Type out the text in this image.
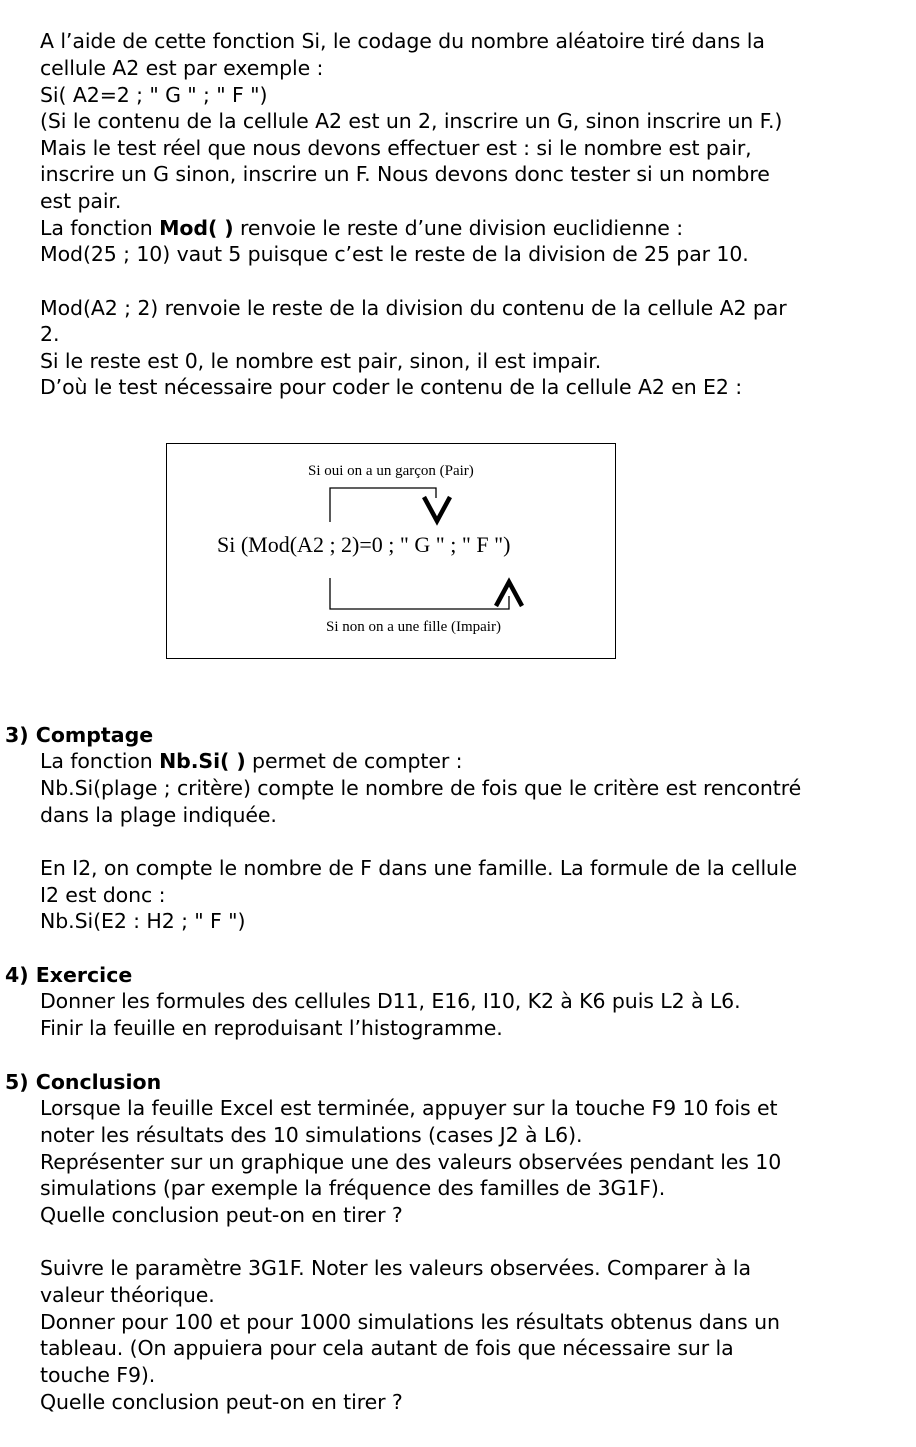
A l’aide de cette fonction Si, le codage du nombre aléatoire tiré dans la
cellule A2 est par exemple :
Si( A2=2 ; " G " ; " F ")
(Si le contenu de la cellule A2 est un 2, inscrire un G, sinon inscrire un F.)
Mais le test réel que nous devons effectuer est : si le nombre est pair,
inscrire un G sinon, inscrire un F. Nous devons donc tester si un nombre
est pair.
La fonction Mod( ) renvoie le reste d’une division euclidienne :
Mod(25 ; 10) vaut 5 puisque c’est le reste de la division de 25 par 10.
Mod(A2 ; 2) renvoie le reste de la division du contenu de la cellule A2 par
2.
Si le reste est 0, le nombre est pair, sinon, il est impair.
D’où le test nécessaire pour coder le contenu de la cellule A2 en E2 :
Si oui on a un garçon (Pair)
Si (Mod(A2 ; 2)=0 ; " G " ; " F ")
Si non on a une fille (Impair)
3) Comptage
La fonction Nb.Si( ) permet de compter :
Nb.Si(plage ; critère) compte le nombre de fois que le critère est rencontré
dans la plage indiquée.
En I2, on compte le nombre de F dans une famille. La formule de la cellule
I2 est donc :
Nb.Si(E2 : H2 ; " F ")
4) Exercice
Donner les formules des cellules D11, E16, I10, K2 à K6 puis L2 à L6.
Finir la feuille en reproduisant l’histogramme.
5) Conclusion
Lorsque la feuille Excel est terminée, appuyer sur la touche F9 10 fois et
noter les résultats des 10 simulations (cases J2 à L6).
Représenter sur un graphique une des valeurs observées pendant les 10
simulations (par exemple la fréquence des familles de 3G1F).
Quelle conclusion peut-on en tirer ?
Suivre le paramètre 3G1F. Noter les valeurs observées. Comparer à la
valeur théorique.
Donner pour 100 et pour 1000 simulations les résultats obtenus dans un
tableau. (On appuiera pour cela autant de fois que nécessaire sur la
touche F9).
Quelle conclusion peut-on en tirer ?
